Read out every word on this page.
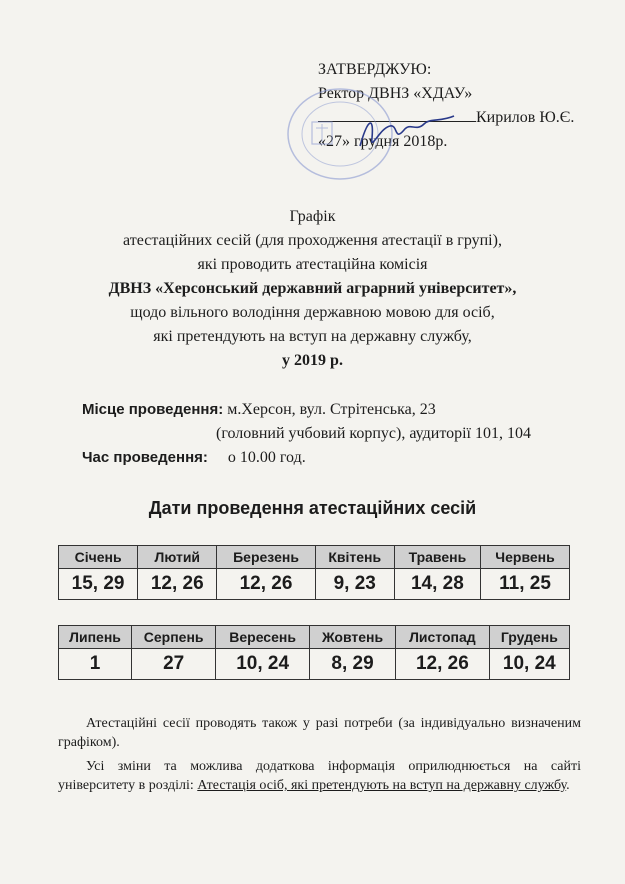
ЗАТВЕРДЖУЮ:
Ректор ДВНЗ «ХДАУ»
Кирилов Ю.Є.
«27» грудня 2018р.
Графік
атестаційних сесій (для проходження атестації в групі),
які проводить атестаційна комісія
ДВНЗ «Херсонський державний аграрний університет»,
щодо вільного володіння державною мовою для осіб,
які претендують на вступ на державну службу,
у 2019 р.
Місце проведення: м.Херсон, вул. Стрітенська, 23
(головний учбовий корпус), аудиторії 101, 104
Час проведення: о 10.00 год.
Дати проведення атестаційних сесій
Січень	Лютий	Березень	Квітень	Травень	Червень
15, 29	12, 26	12, 26	9, 23	14, 28	11, 25
Липень	Серпень	Вересень	Жовтень	Листопад	Грудень
1	27	10, 24	8, 29	12, 26	10, 24
Атестаційні сесії проводять також у разі потреби (за індивідуально визначеним графіком).
Усі зміни та можлива додаткова інформація оприлюднюється на сайті університету в розділі: Атестація осіб, які претендують на вступ на державну службу.
